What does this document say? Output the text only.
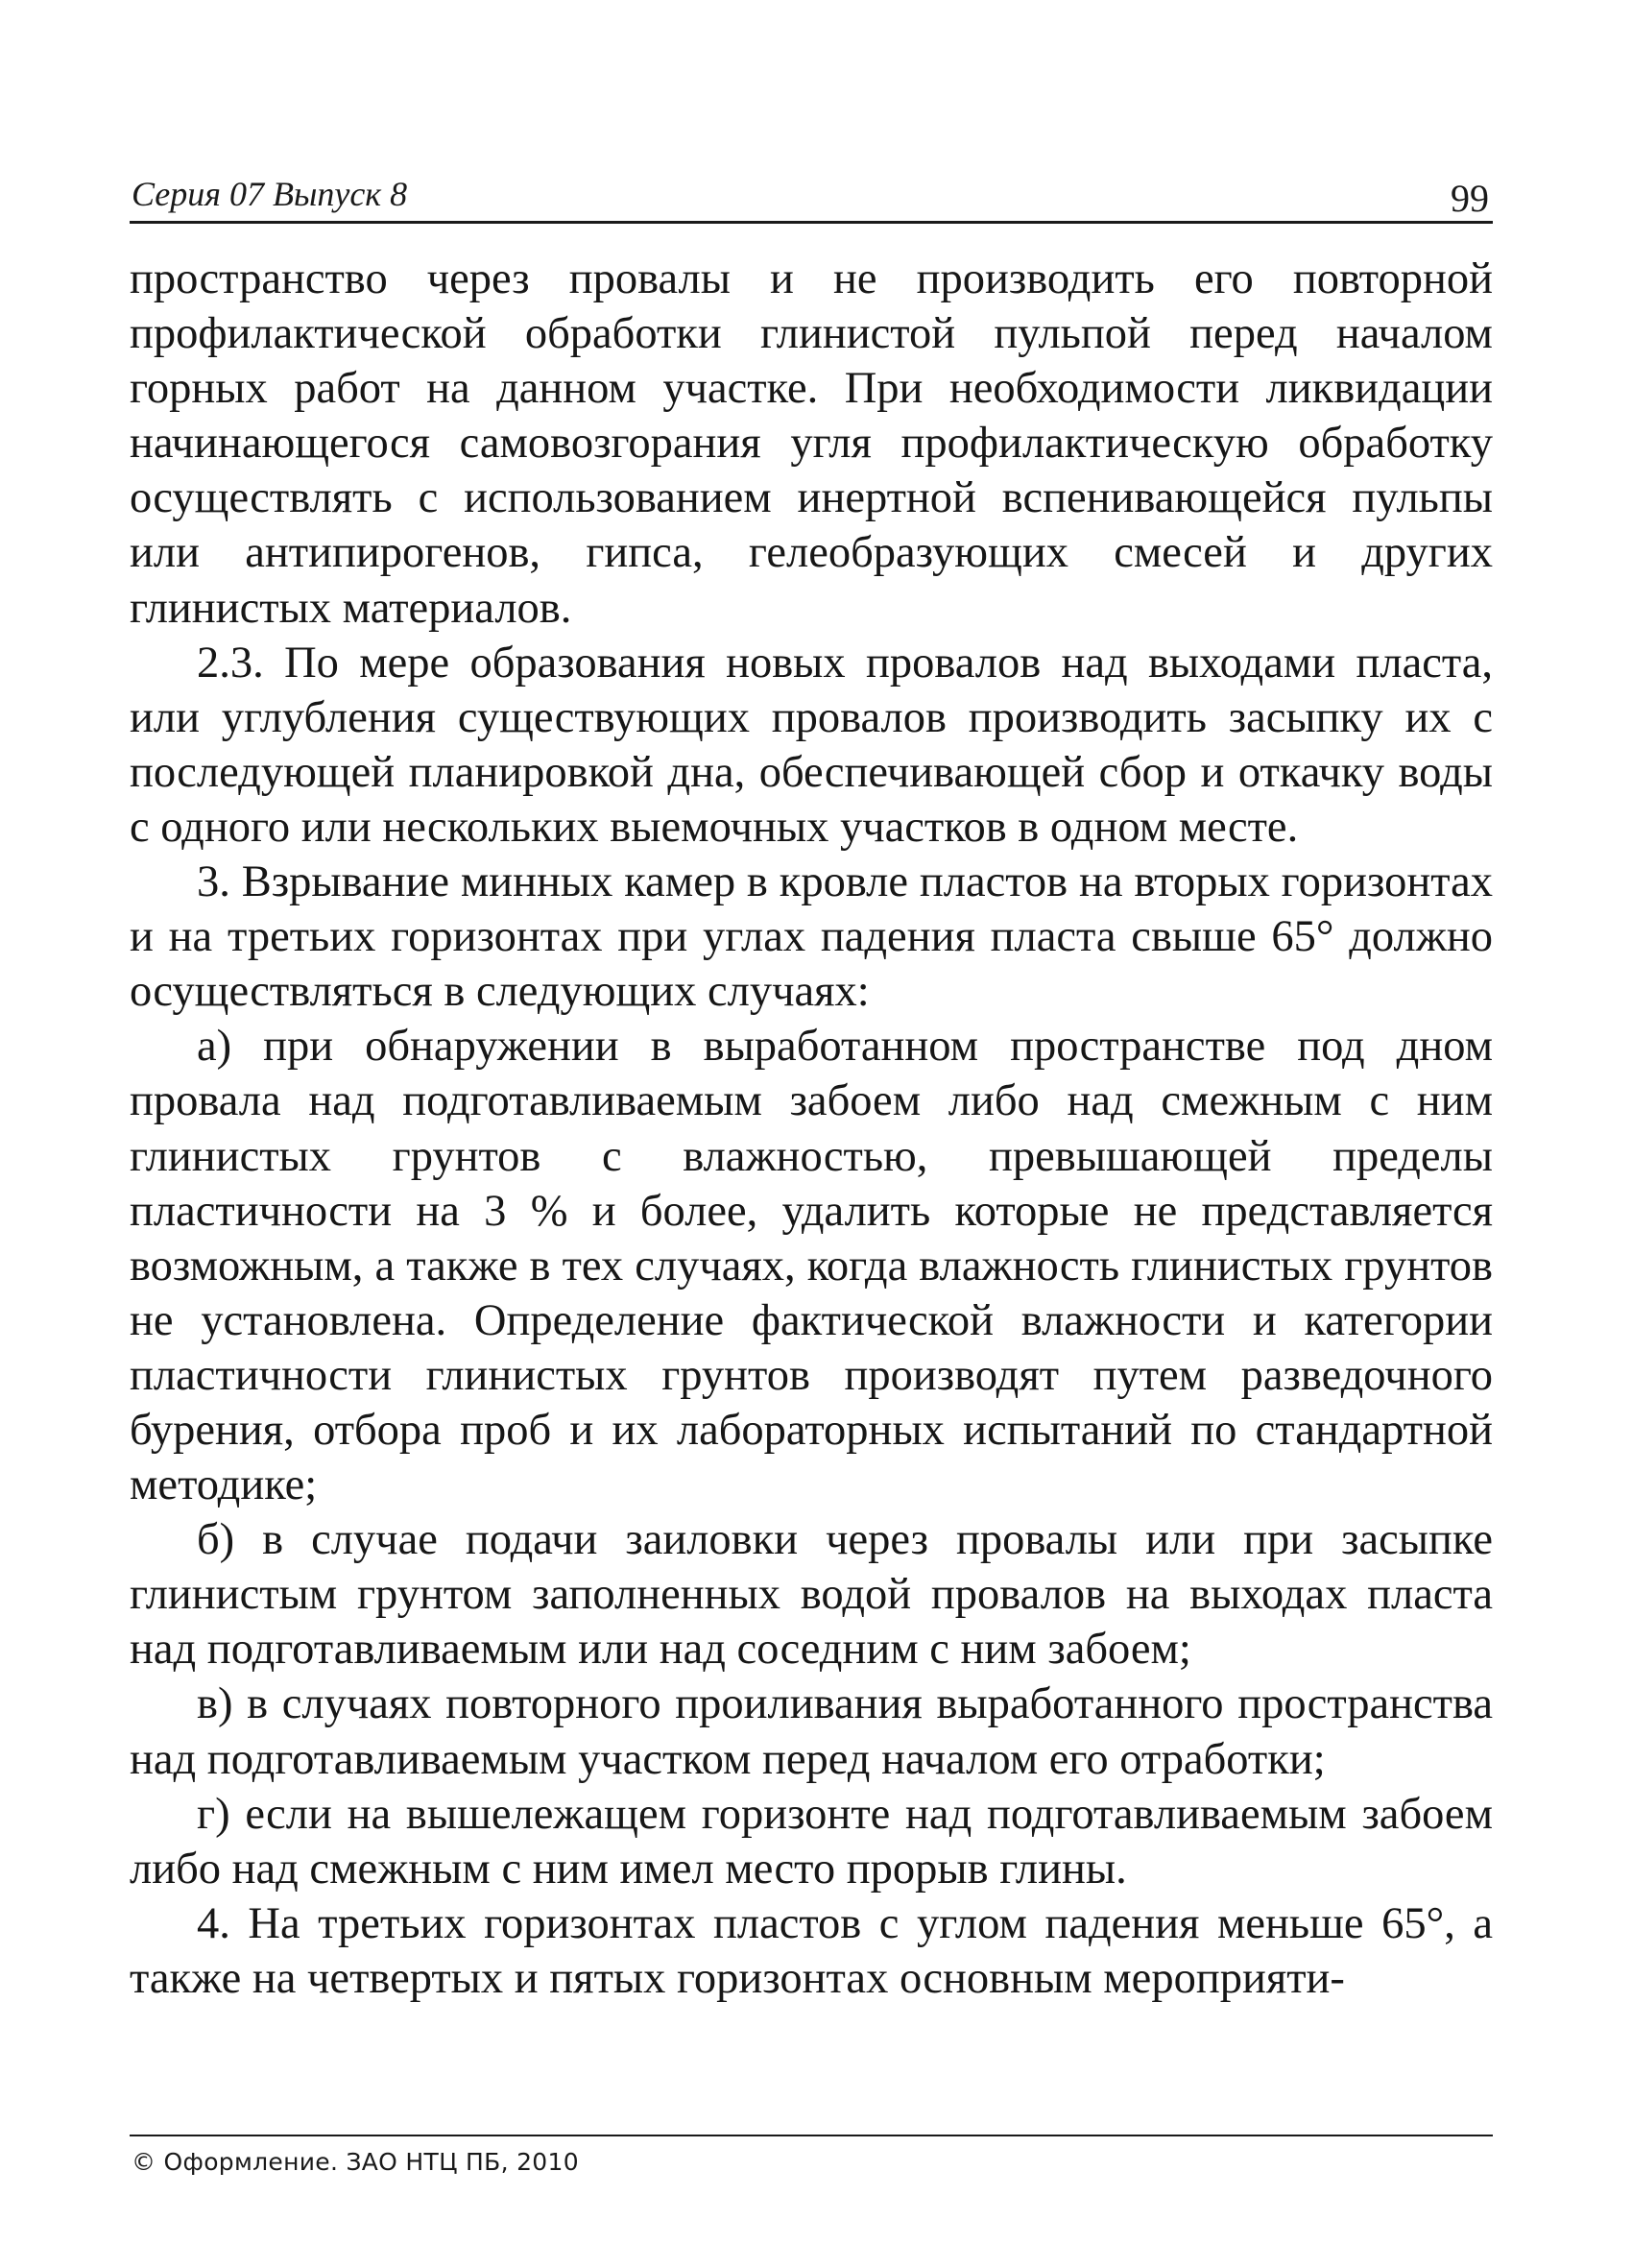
Серия 07 Выпуск 8	99

пространство через провалы и не производить его повторной профилактической обработки глинистой пульпой перед началом горных работ на данном участке. При необходимости ликвидации начинающегося самовозгорания угля профилактическую обработку осуществлять с использованием инертной вспенивающейся пульпы или антипирогенов, гипса, гелеобразующих смесей и других глинистых материалов.

2.3. По мере образования новых провалов над выходами пласта, или углубления существующих провалов производить засыпку их с последующей планировкой дна, обеспечивающей сбор и откачку воды с одного или нескольких выемочных участков в одном месте.

3. Взрывание минных камер в кровле пластов на вторых горизонтах и на третьих горизонтах при углах падения пласта свыше 65° должно осуществляться в следующих случаях:

а) при обнаружении в выработанном пространстве под дном провала над подготавливаемым забоем либо над смежным с ним глинистых грунтов с влажностью, превышающей пределы пластичности на 3 % и более, удалить которые не представляется возможным, а также в тех случаях, когда влажность глинистых грунтов не установлена. Определение фактической влажности и категории пластичности глинистых грунтов производят путем разведочного бурения, отбора проб и их лабораторных испытаний по стандартной методике;

б) в случае подачи заиловки через провалы или при засыпке глинистым грунтом заполненных водой провалов на выходах пласта над подготавливаемым или над соседним с ним забоем;

в) в случаях повторного проиливания выработанного пространства над подготавливаемым участком перед началом его отработки;

г) если на вышележащем горизонте над подготавливаемым забоем либо над смежным с ним имел место прорыв глины.

4. На третьих горизонтах пластов с углом падения меньше 65°, а также на четвертых и пятых горизонтах основным мероприяти-

© Оформление. ЗАО НТЦ ПБ, 2010
